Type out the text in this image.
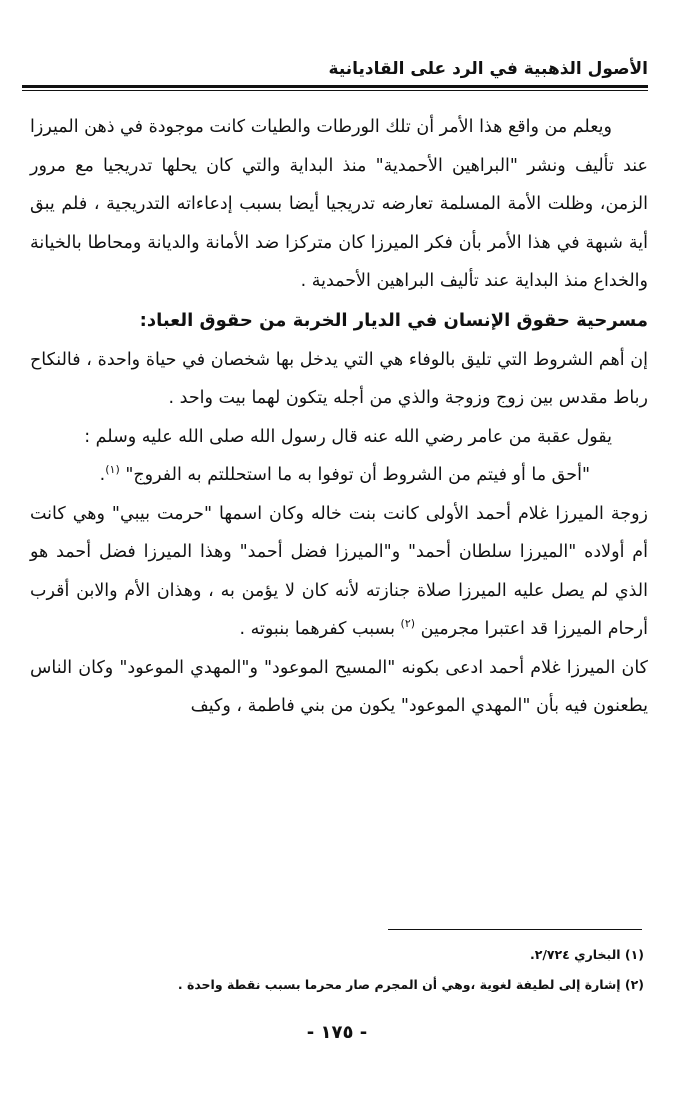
الأصول الذهبية في الرد على القاديانية

ويعلم من واقع هذا الأمر أن تلك الورطات والطيات كانت موجودة في ذهن الميرزا عند تأليف ونشر "البراهين الأحمدية" منذ البداية والتي كان يحلها تدريجيا مع مرور الزمن، وظلت الأمة المسلمة تعارضه تدريجيا أيضا بسبب إدعاءاته التدريجية ، فلم يبق أية شبهة في هذا الأمر بأن فكر الميرزا كان متركزا ضد الأمانة والديانة ومحاطا بالخيانة والخداع منذ البداية عند تأليف البراهين الأحمدية .

مسرحية حقوق الإنسان في الديار الخربة من حقوق العباد:

إن أهم الشروط التي تليق بالوفاء هي التي يدخل بها شخصان في حياة واحدة ، فالنكاح رباط مقدس بين زوج وزوجة والذي من أجله يتكون لهما بيت واحد .

يقول عقبة من عامر رضي الله عنه قال رسول الله صلى الله عليه وسلم :

"أحق ما أو فيتم من الشروط أن توفوا به ما استحللتم به الفروج" $^{(١)}$.

زوجة الميرزا غلام أحمد الأولى كانت بنت خاله وكان اسمها "حرمت بيبي" وهي كانت أم أولاده "الميرزا سلطان أحمد" و"الميرزا فضل أحمد" وهذا الميرزا فضل أحمد هو الذي لم يصل عليه الميرزا صلاة جنازته لأنه كان لا يؤمن به ، وهذان الأم والابن أقرب أرحام الميرزا قد اعتبرا مجرمين $^{(٢)}$ بسبب كفرهما بنبوته .

كان الميرزا غلام أحمد ادعى بكونه "المسيح الموعود" و"المهدي الموعود" وكان الناس يطعنون فيه بأن "المهدي الموعود" يكون من بني فاطمة ، وكيف

(١) البخاري ٢/٧٢٤.

(٢) إشارة إلى لطيفة لغوية ،وهي أن المجرم صار محرما بسبب نقطة واحدة .

- ١٧٥ -
